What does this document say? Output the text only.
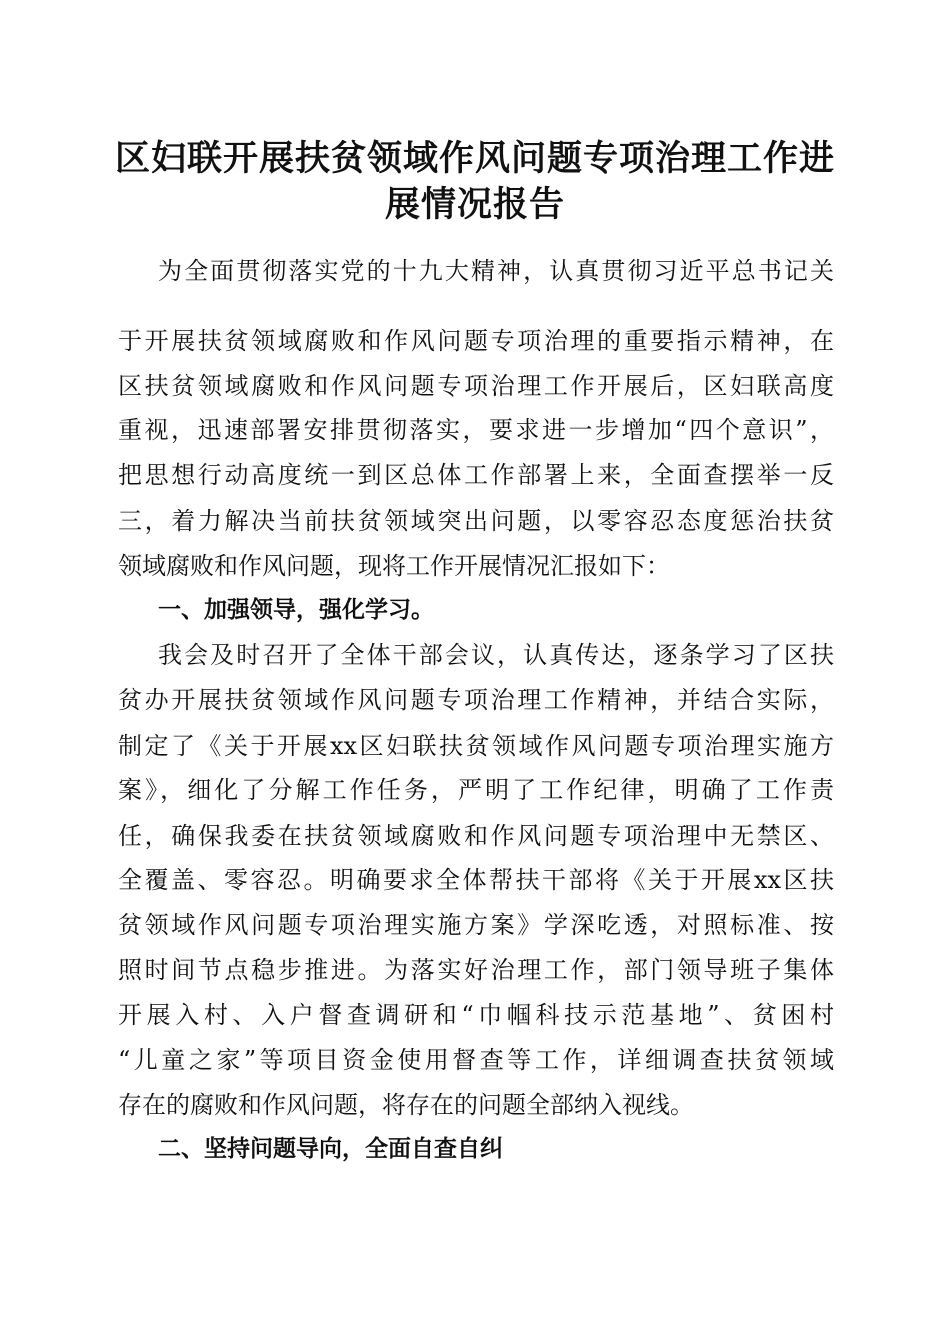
区妇联开展扶贫领域作风问题专项治理工作进
展情况报告

为全面贯彻落实党的十九大精神，认真贯彻习近平总书记关

于开展扶贫领域腐败和作风问题专项治理的重要指示精神，在

区扶贫领域腐败和作风问题专项治理工作开展后，区妇联高度

重视，迅速部署安排贯彻落实，要求进一步增加“四个意识”，

把思想行动高度统一到区总体工作部署上来，全面查摆举一反

三，着力解决当前扶贫领域突出问题，以零容忍态度惩治扶贫

领域腐败和作风问题，现将工作开展情况汇报如下：

一、加强领导，强化学习。

我会及时召开了全体干部会议，认真传达，逐条学习了区扶

贫办开展扶贫领域作风问题专项治理工作精神，并结合实际，

制定了《关于开展xx区妇联扶贫领域作风问题专项治理实施方

案》，细化了分解工作任务，严明了工作纪律，明确了工作责

任，确保我委在扶贫领域腐败和作风问题专项治理中无禁区、

全覆盖、零容忍。明确要求全体帮扶干部将《关于开展xx区扶

贫领域作风问题专项治理实施方案》学深吃透，对照标准、按

照时间节点稳步推进。为落实好治理工作，部门领导班子集体

开展入村、入户督查调研和“巾帼科技示范基地”、贫困村

“儿童之家”等项目资金使用督查等工作，详细调查扶贫领域

存在的腐败和作风问题，将存在的问题全部纳入视线。

二、坚持问题导向，全面自查自纠
